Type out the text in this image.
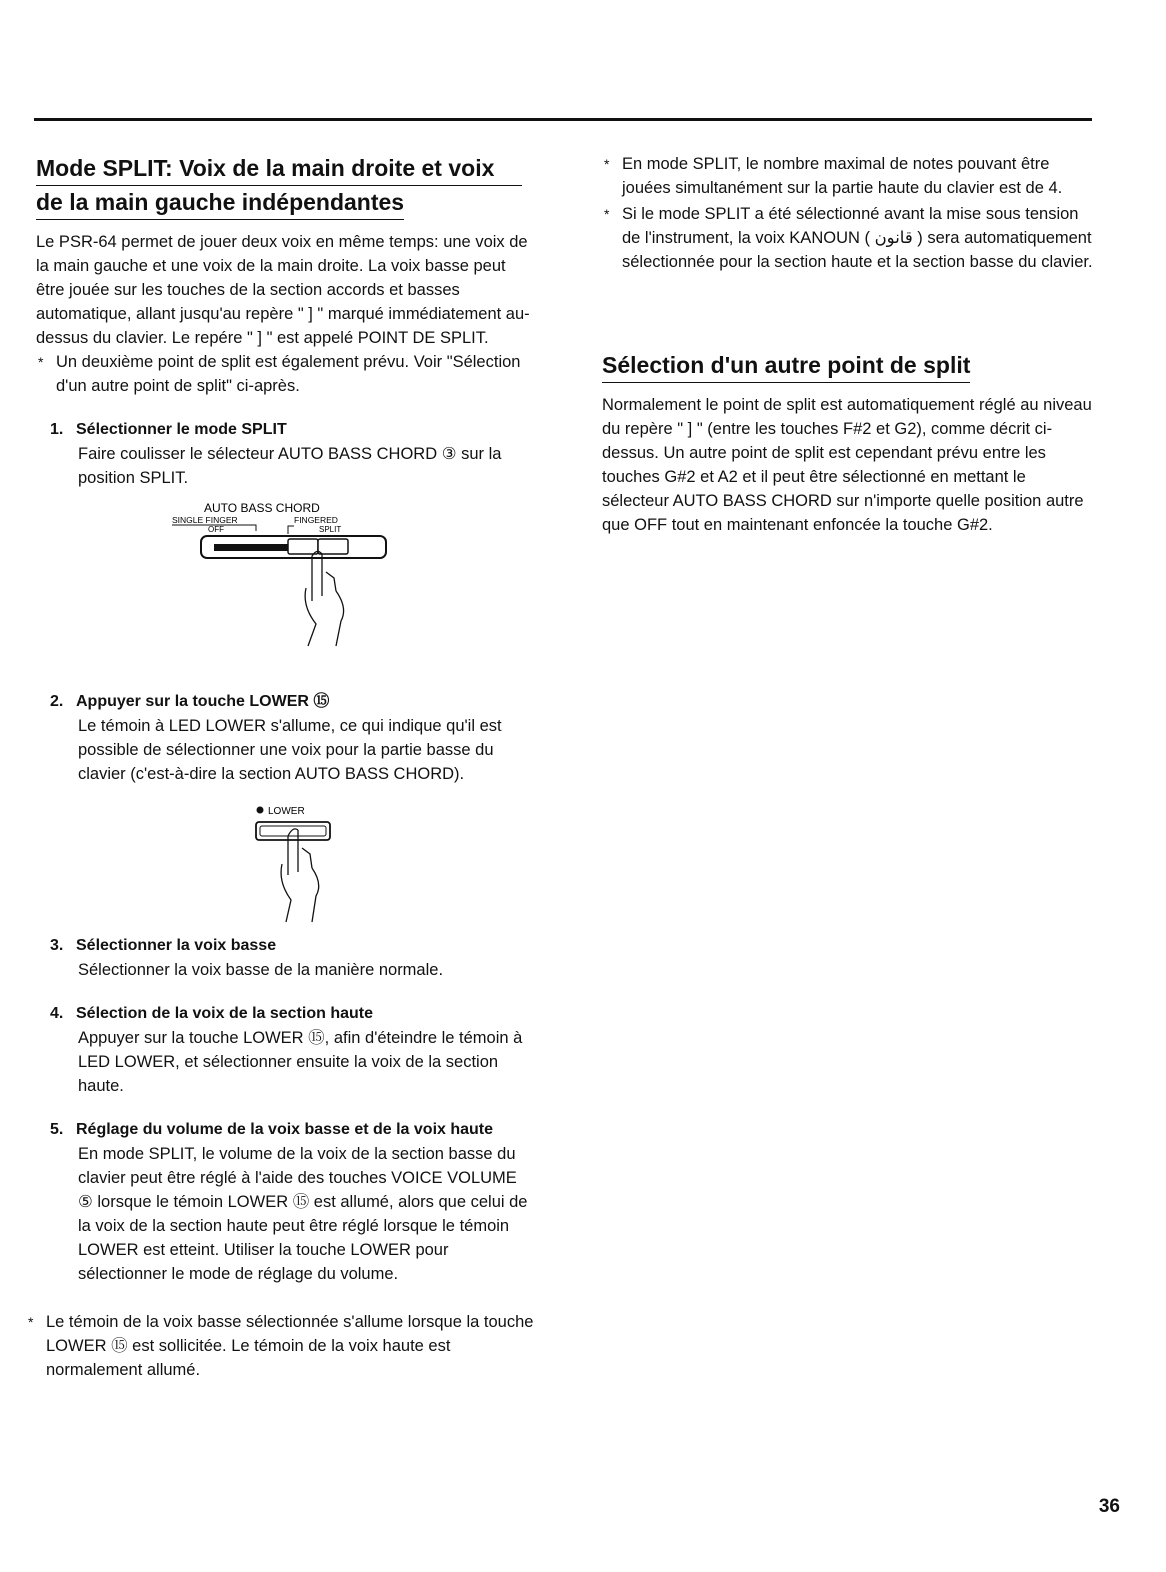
Mode SPLIT: Voix de la main droite et voix
de la main gauche indépendantes

Le PSR-64 permet de jouer deux voix en même temps: une voix de la main gauche et une voix de la main droite. La voix basse peut être jouée sur les touches de la section accords et basses automatique, allant jusqu'au repère " ] " marqué immédiatement au-dessus du clavier. Le repére " ] " est appelé POINT DE SPLIT.

* Un deuxième point de split est également prévu. Voir "Sélection d'un autre point de split" ci-après.
1. Sélectionner le mode SPLIT
Faire coulisser le sélecteur AUTO BASS CHORD ③ sur la position SPLIT.
AUTO BASS CHORD
SINGLE FINGER
OFF
FINGERED
SPLIT
2. Appuyer sur la touche LOWER ⑮
Le témoin à LED LOWER s'allume, ce qui indique qu'il est possible de sélectionner une voix pour la partie basse du clavier (c'est-à-dire la section AUTO BASS CHORD).
LOWER
3. Sélectionner la voix basse
Sélectionner la voix basse de la manière normale.
4. Sélection de la voix de la section haute
Appuyer sur la touche LOWER ⑮, afin d'éteindre le témoin à LED LOWER, et sélectionner ensuite la voix de la section haute.
5. Réglage du volume de la voix basse et de la voix haute
En mode SPLIT, le volume de la voix de la section basse du clavier peut être réglé à l'aide des touches VOICE VOLUME ⑤ lorsque le témoin LOWER ⑮ est allumé, alors que celui de la voix de la section haute peut être réglé lorsque le témoin LOWER est etteint. Utiliser la touche LOWER pour sélectionner le mode de réglage du volume.
* Le témoin de la voix basse sélectionnée s'allume lorsque la touche LOWER ⑮ est sollicitée. Le témoin de la voix haute est normalement allumé.
* En mode SPLIT, le nombre maximal de notes pouvant être jouées simultanément sur la partie haute du clavier est de 4.
* Si le mode SPLIT a été sélectionné avant la mise sous tension de l'instrument, la voix KANOUN ( قانون ) sera automatiquement sélectionnée pour la section haute et la section basse du clavier.
Sélection d'un autre point de split

Normalement le point de split est automatiquement réglé au niveau du repère " ] " (entre les touches F#2 et G2), comme décrit ci-dessus. Un autre point de split est cependant prévu entre les touches G#2 et A2 et il peut être sélectionné en mettant le sélecteur AUTO BASS CHORD sur n'importe quelle position autre que OFF tout en maintenant enfoncée la touche G#2.

36
